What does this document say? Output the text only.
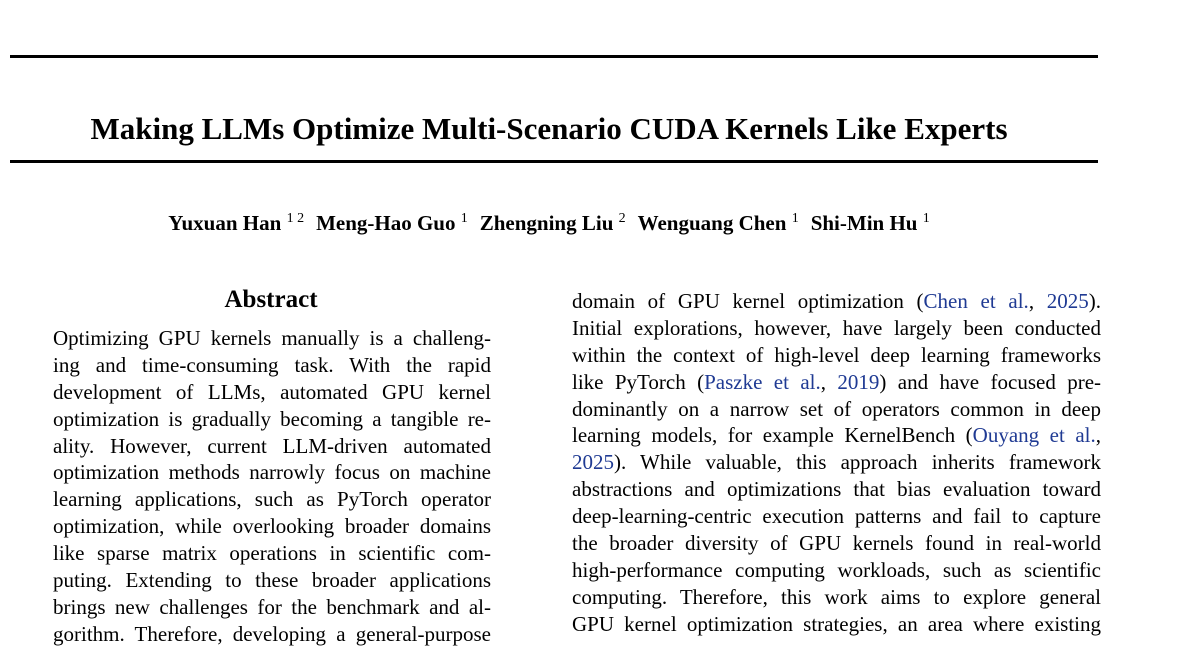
Making LLMs Optimize Multi-Scenario CUDA Kernels Like Experts
Yuxuan Han $^{1 2}$ Meng-Hao Guo $^1$ Zhengning Liu $^2$ Wenguang Chen $^1$ Shi-Min Hu $^1$
Abstract
Optimizing GPU kernels manually is a challeng-
ing and time-consuming task. With the rapid
development of LLMs, automated GPU kernel
optimization is gradually becoming a tangible re-
ality. However, current LLM-driven automated
optimization methods narrowly focus on machine
learning applications, such as PyTorch operator
optimization, while overlooking broader domains
like sparse matrix operations in scientific com-
puting. Extending to these broader applications
brings new challenges for the benchmark and al-
gorithm. Therefore, developing a general-purpose
domain of GPU kernel optimization (Chen et al., 2025).
Initial explorations, however, have largely been conducted
within the context of high-level deep learning frameworks
like PyTorch (Paszke et al., 2019) and have focused pre-
dominantly on a narrow set of operators common in deep
learning models, for example KernelBench (Ouyang et al.,
2025). While valuable, this approach inherits framework
abstractions and optimizations that bias evaluation toward
deep-learning-centric execution patterns and fail to capture
the broader diversity of GPU kernels found in real-world
high-performance computing workloads, such as scientific
computing. Therefore, this work aims to explore general
GPU kernel optimization strategies, an area where existing
